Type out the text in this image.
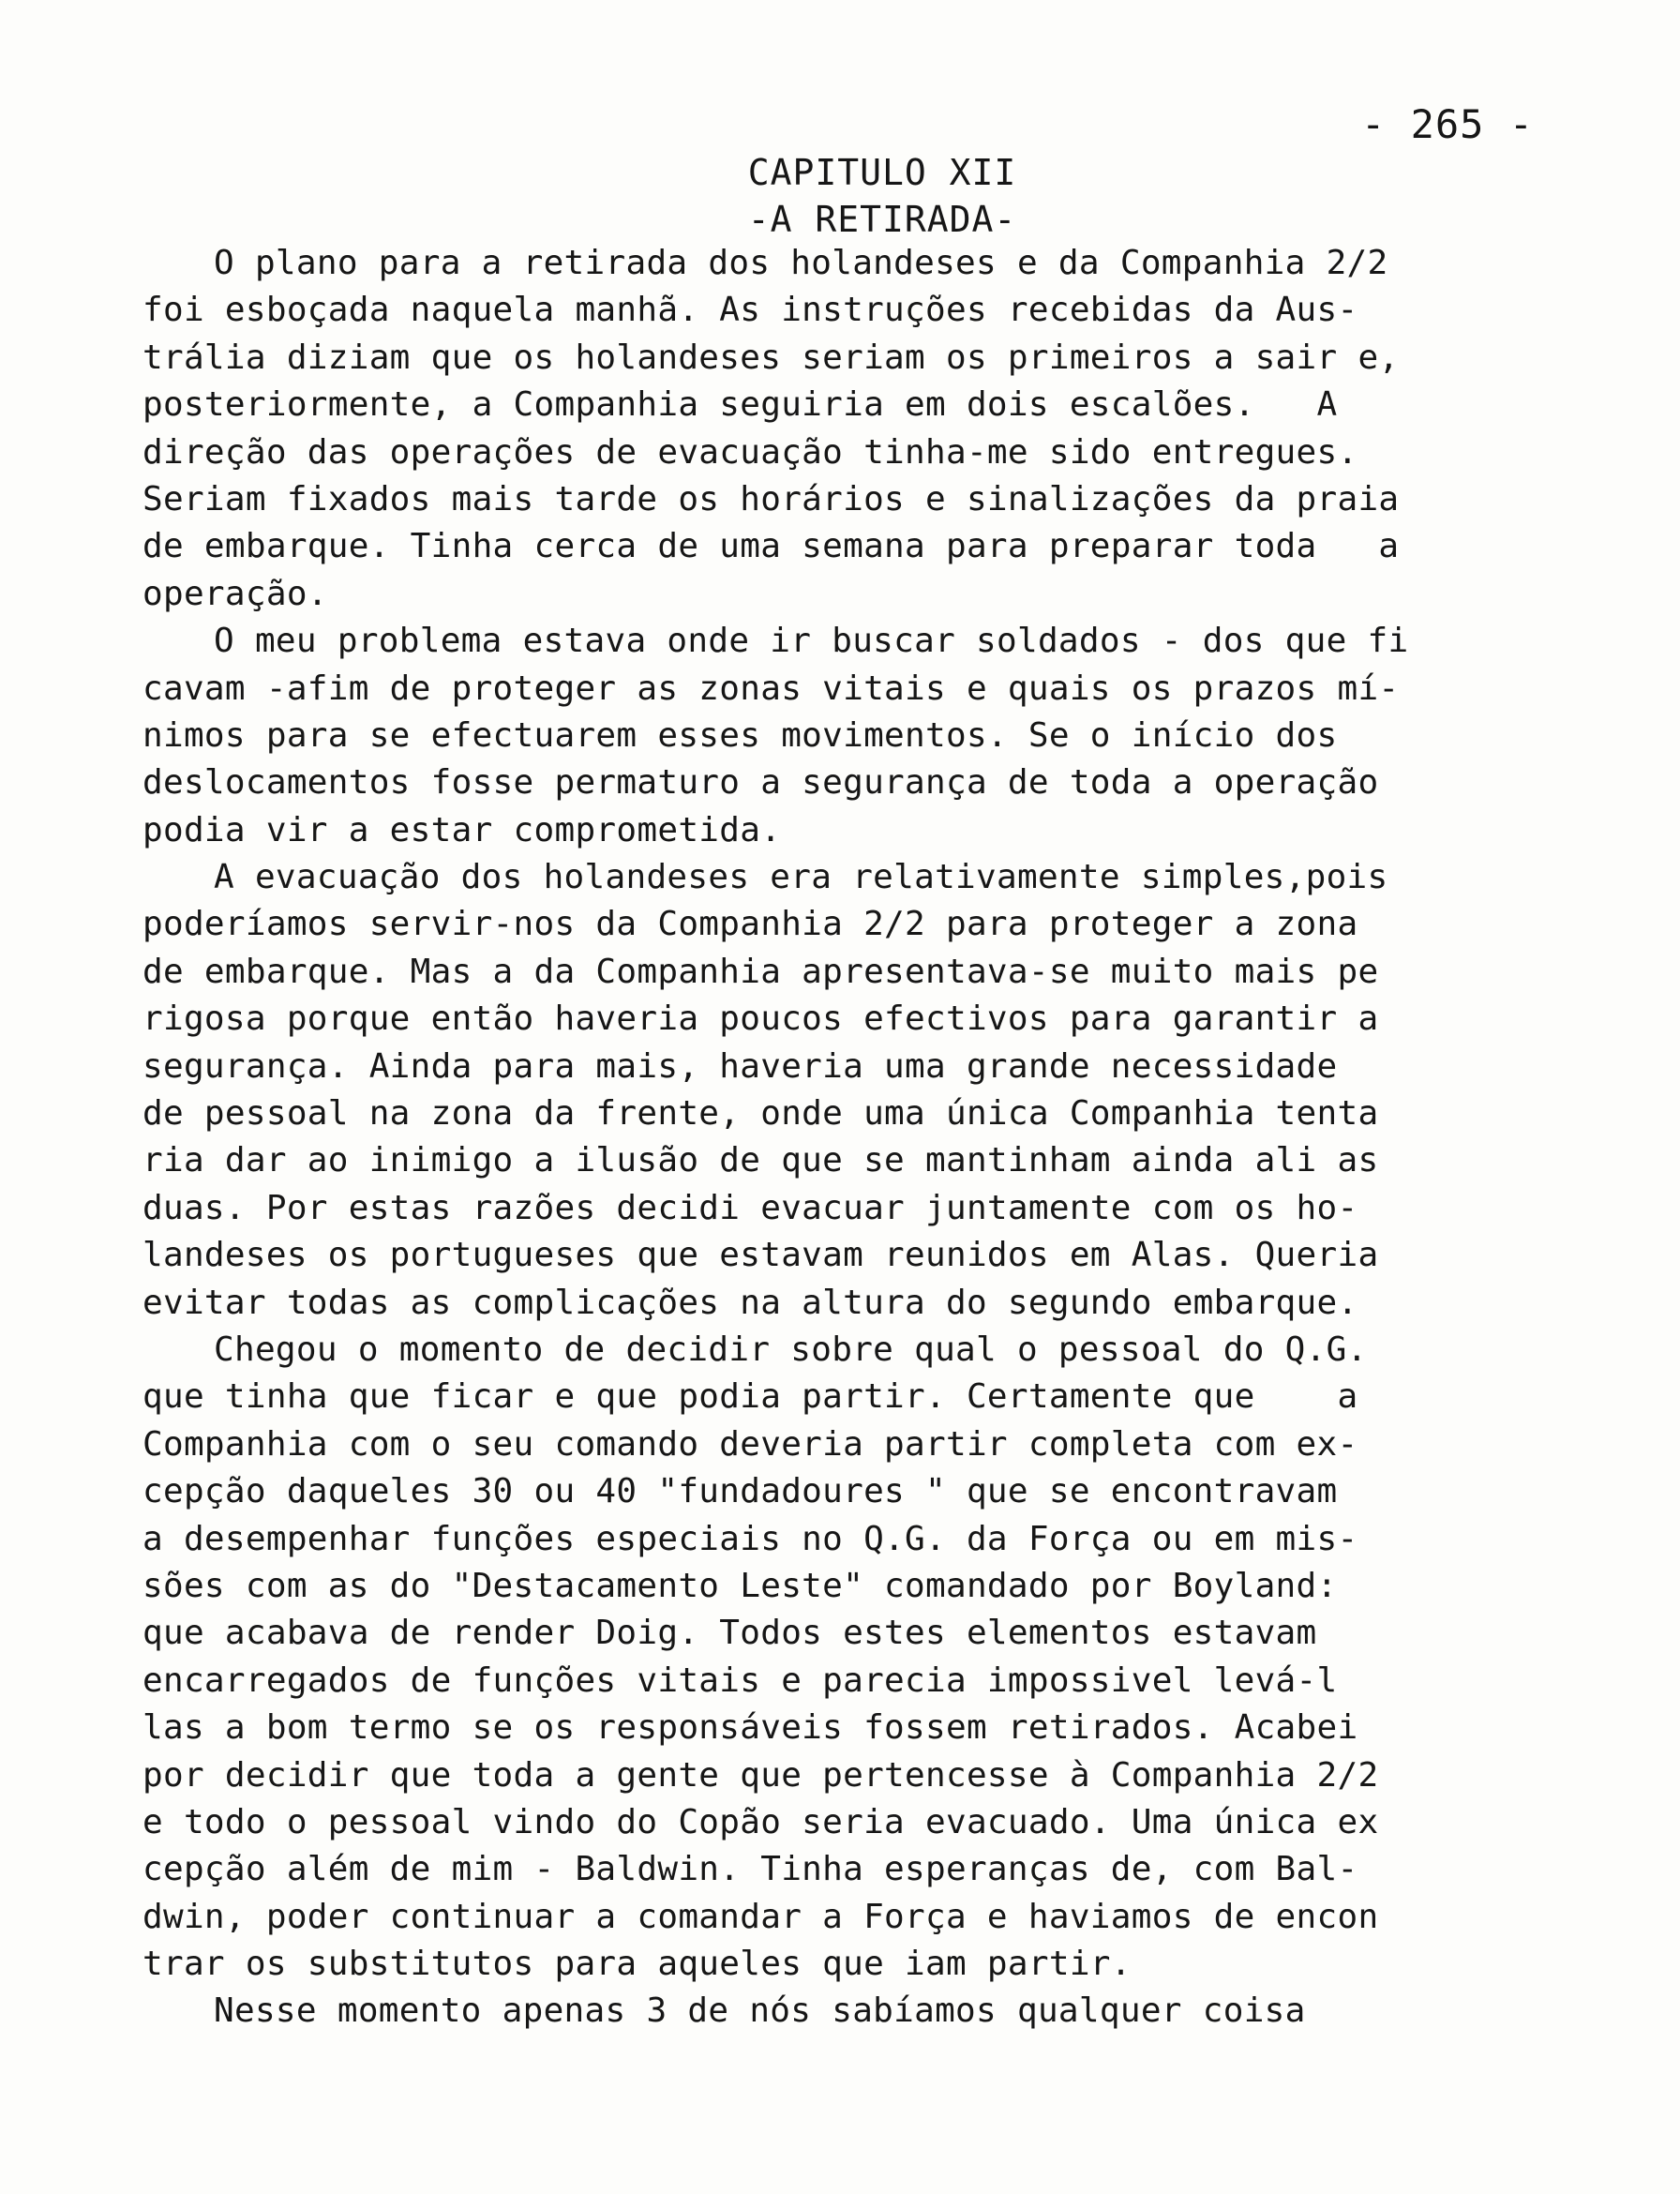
- 265 -
CAPITULO XII
-A RETIRADA-
O plano para a retirada dos holandeses e da Companhia 2/2
foi esboçada naquela manhã. As instruções recebidas da Aus-
trália diziam que os holandeses seriam os primeiros a sair e,
posteriormente, a Companhia seguiria em dois escalões.   A
direção das operações de evacuação tinha-me sido entregues.
Seriam fixados mais tarde os horários e sinalizações da praia
de embarque. Tinha cerca de uma semana para preparar toda   a
operação.
O meu problema estava onde ir buscar soldados - dos que fi
cavam -afim de proteger as zonas vitais e quais os prazos mí-
nimos para se efectuarem esses movimentos. Se o início dos
deslocamentos fosse permaturo a segurança de toda a operação
podia vir a estar comprometida.
A evacuação dos holandeses era relativamente simples,pois
poderíamos servir-nos da Companhia 2/2 para proteger a zona
de embarque. Mas a da Companhia apresentava-se muito mais pe
rigosa porque então haveria poucos efectivos para garantir a
segurança. Ainda para mais, haveria uma grande necessidade
de pessoal na zona da frente, onde uma única Companhia tenta
ria dar ao inimigo a ilusão de que se mantinham ainda ali as
duas. Por estas razões decidi evacuar juntamente com os ho-
landeses os portugueses que estavam reunidos em Alas. Queria
evitar todas as complicações na altura do segundo embarque.
Chegou o momento de decidir sobre qual o pessoal do Q.G.
que tinha que ficar e que podia partir. Certamente que    a
Companhia com o seu comando deveria partir completa com ex-
cepção daqueles 30 ou 40 "fundadoures " que se encontravam
a desempenhar funções especiais no Q.G. da Força ou em mis-
sões com as do "Destacamento Leste" comandado por Boyland:
que acabava de render Doig. Todos estes elementos estavam
encarregados de funções vitais e parecia impossivel levá-l
las a bom termo se os responsáveis fossem retirados. Acabei
por decidir que toda a gente que pertencesse à Companhia 2/2
e todo o pessoal vindo do Copão seria evacuado. Uma única ex
cepção além de mim - Baldwin. Tinha esperanças de, com Bal-
dwin, poder continuar a comandar a Força e haviamos de encon
trar os substitutos para aqueles que iam partir.
Nesse momento apenas 3 de nós sabíamos qualquer coisa
